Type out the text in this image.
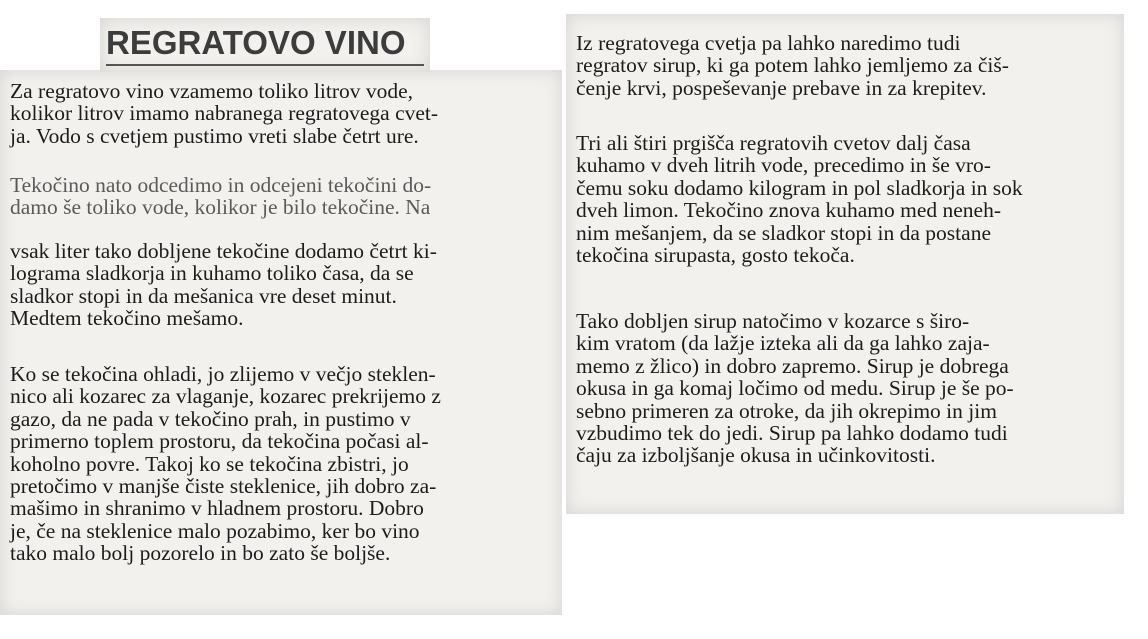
REGRATOVO VINO

Za regratovo vino vzamemo toliko litrov vode,
kolikor litrov imamo nabranega regratovega cvet-
ja. Vodo s cvetjem pustimo vreti slabe četrt ure.

Tekočino nato odcedimo in odcejeni tekočini do-
damo še toliko vode, kolikor je bilo tekočine. Na

vsak liter tako dobljene tekočine dodamo četrt ki-
lograma sladkorja in kuhamo toliko časa, da se
sladkor stopi in da mešanica vre deset minut.
Medtem tekočino mešamo.

Ko se tekočina ohladi, jo zlijemo v večjo steklen-
nico ali kozarec za vlaganje, kozarec prekrijemo z
gazo, da ne pada v tekočino prah, in pustimo v
primerno toplem prostoru, da tekočina počasi al-
koholno povre. Takoj ko se tekočina zbistri, jo
pretočimo v manjše čiste steklenice, jih dobro za-
mašimo in shranimo v hladnem prostoru. Dobro
je, če na steklenice malo pozabimo, ker bo vino
tako malo bolj pozorelo in bo zato še boljše.

Iz regratovega cvetja pa lahko naredimo tudi
regratov sirup, ki ga potem lahko jemljemo za čiš-
čenje krvi, pospeševanje prebave in za krepitev.

Tri ali štiri prgišča regratovih cvetov dalj časa
kuhamo v dveh litrih vode, precedimo in še vro-
čemu soku dodamo kilogram in pol sladkorja in sok
dveh limon. Tekočino znova kuhamo med neneh-
nim mešanjem, da se sladkor stopi in da postane
tekočina sirupasta, gosto tekoča.

Tako dobljen sirup natočimo v kozarce s širo-
kim vratom (da lažje izteka ali da ga lahko zaja-
memo z žlico) in dobro zapremo. Sirup je dobrega
okusa in ga komaj ločimo od medu. Sirup je še po-
sebno primeren za otroke, da jih okrepimo in jim
vzbudimo tek do jedi. Sirup pa lahko dodamo tudi
čaju za izboljšanje okusa in učinkovitosti.
